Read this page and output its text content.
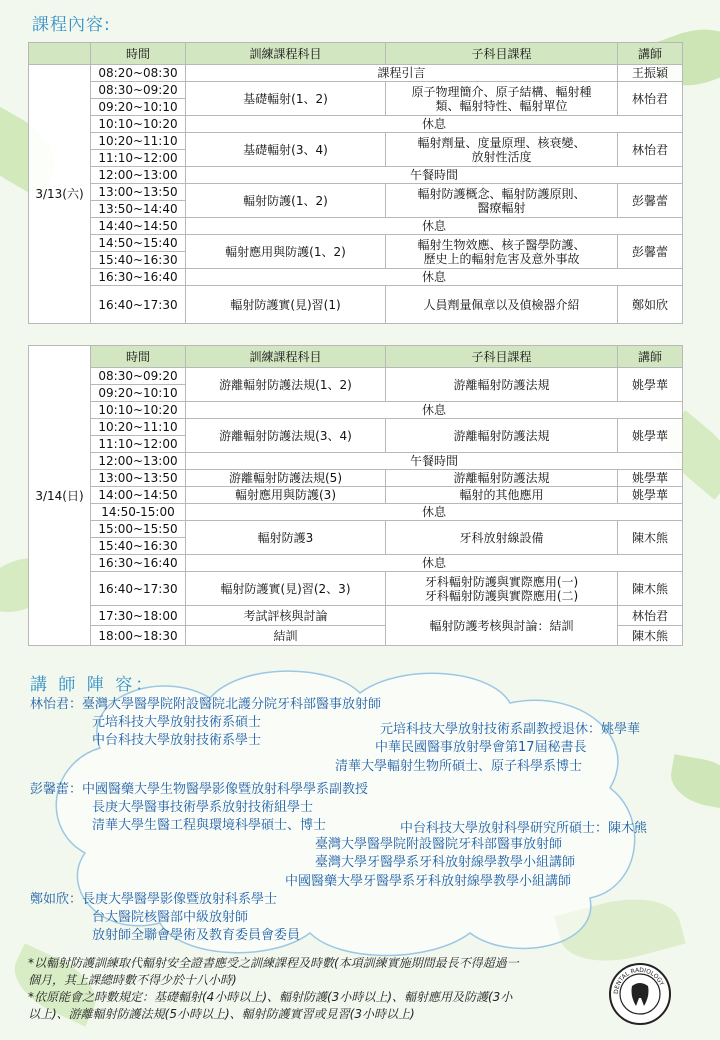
課程內容:
	時間	訓練課程科目	子科目課程	講師
3/13(六)	08:20~08:30	課程引言		王振穎
	08:30~09:20	基礎輻射(1、2)	原子物理簡介、原子結構、輻射種
類、輻射特性、輻射單位	林怡君
	09:20~10:10			
	10:10~10:20	休息		
	10:20~11:10	基礎輻射(3、4)	輻射劑量、度量原理、核衰變、
放射性活度	林怡君
	11:10~12:00			
	12:00~13:00	午餐時間		
	13:00~13:50	輻射防護(1、2)	輻射防護概念、輻射防護原則、
醫療輻射	彭馨蕾
	13:50~14:40			
	14:40~14:50	休息		
	14:50~15:40	輻射應用與防護(1、2)	輻射生物效應、核子醫學防護、
歷史上的輻射危害及意外事故	彭馨蕾
	15:40~16:30			
	16:30~16:40	休息		
	16:40~17:30	輻射防護實(見)習(1)	人員劑量佩章以及偵檢器介紹	鄭如欣
3/14(日)	時間	訓練課程科目	子科目課程	講師
	08:30~09:20	游離輻射防護法規(1、2)	游離輻射防護法規	姚學華
	09:20~10:10			
	10:10~10:20	休息		
	10:20~11:10	游離輻射防護法規(3、4)	游離輻射防護法規	姚學華
	11:10~12:00			
	12:00~13:00	午餐時間		
	13:00~13:50	游離輻射防護法規(5)	游離輻射防護法規	姚學華
	14:00~14:50	輻射應用與防護(3)	輻射的其他應用	姚學華
	14:50-15:00	休息		
	15:00~15:50	輻射防護3	牙科放射線設備	陳木熊
	15:40~16:30			
	16:30~16:40	休息		
	16:40~17:30	輻射防護實(見)習(2、3)	牙科輻射防護與實際應用(一)
牙科輻射防護與實際應用(二)	陳木熊
	17:30~18:00	考試評核與討論	輻射防護考核與討論：結訓	林怡君
	18:00~18:30	結訓		陳木熊
講 師 陣 容：
林怡君：臺灣大學醫學院附設醫院北護分院牙科部醫事放射師
元培科技大學放射技術系碩士
中台科技大學放射技術系學士
元培科技大學放射技術系副教授退休：姚學華
中華民國醫事放射學會第17屆秘書長
清華大學輻射生物所碩士、原子科學系博士
彭馨蕾：中國醫藥大學生物醫學影像暨放射科學學系副教授
長庚大學醫事技術學系放射技術組學士
清華大學生醫工程與環境科學碩士、博士	中台科技大學放射科學研究所碩士：陳木熊
臺灣大學醫學院附設醫院牙科部醫事放射師
臺灣大學牙醫學系牙科放射線學教學小組講師
中國醫藥大學牙醫學系牙科放射線學教學小組講師
鄭如欣：長庚大學醫學影像暨放射科系學士
台大醫院核醫部中級放射師
放射師全聯會學術及教育委員會委員
*以輻射防護訓練取代輻射安全證書應受之訓練課程及時數(本項訓練實施期間最長不得超過一
個月，其上課總時數不得少於十八小時)
*依原能會之時數規定：基礎輻射(4小時以上)、輻射防護(3小時以上)、輻射應用及防護(3小
以上)、游離輻射防護法規(5小時以上)、輻射防護實習或見習(3小時以上)
DENTAL RADIOLOGY
